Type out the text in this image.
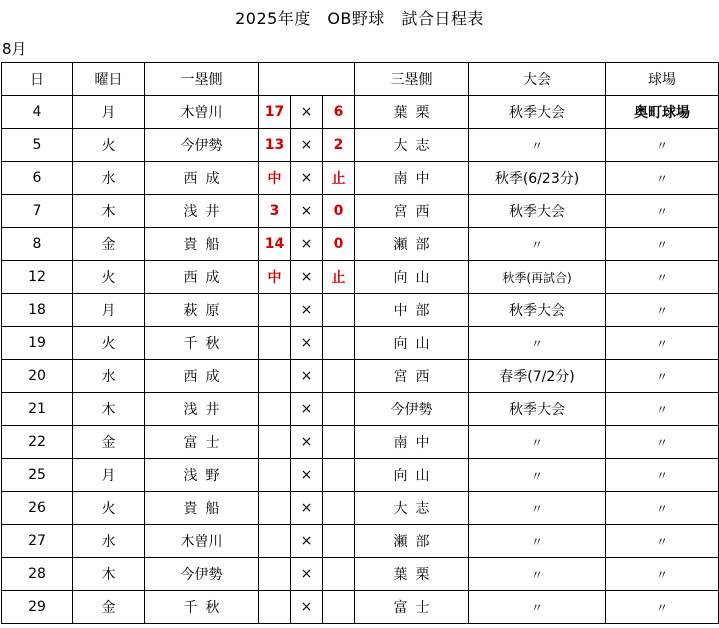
2025年度　OB野球　試合日程表
8月
日	曜日	一塁側				三塁側	大会	球場
4	月	木曽川	17	×	6	葉栗	秋季大会	奥町球場
5	火	今伊勢	13	×	2	大志	〃	〃
6	水	西成	中	×	止	南中	秋季(6/23分)	〃
7	木	浅井	3	×	0	宮西	秋季大会	〃
8	金	貴船	14	×	0	瀬部	〃	〃
12	火	西成	中	×	止	向山	秋季(再試合)	〃
18	月	萩原		×		中部	秋季大会	〃
19	火	千秋		×		向山	〃	〃
20	水	西成		×		宮西	春季(7/2分)	〃
21	木	浅井		×		今伊勢	秋季大会	〃
22	金	富士		×		南中	〃	〃
25	月	浅野		×		向山	〃	〃
26	火	貴船		×		大志	〃	〃
27	水	木曽川		×		瀬部	〃	〃
28	木	今伊勢		×		葉栗	〃	〃
29	金	千秋		×		富士	〃	〃
